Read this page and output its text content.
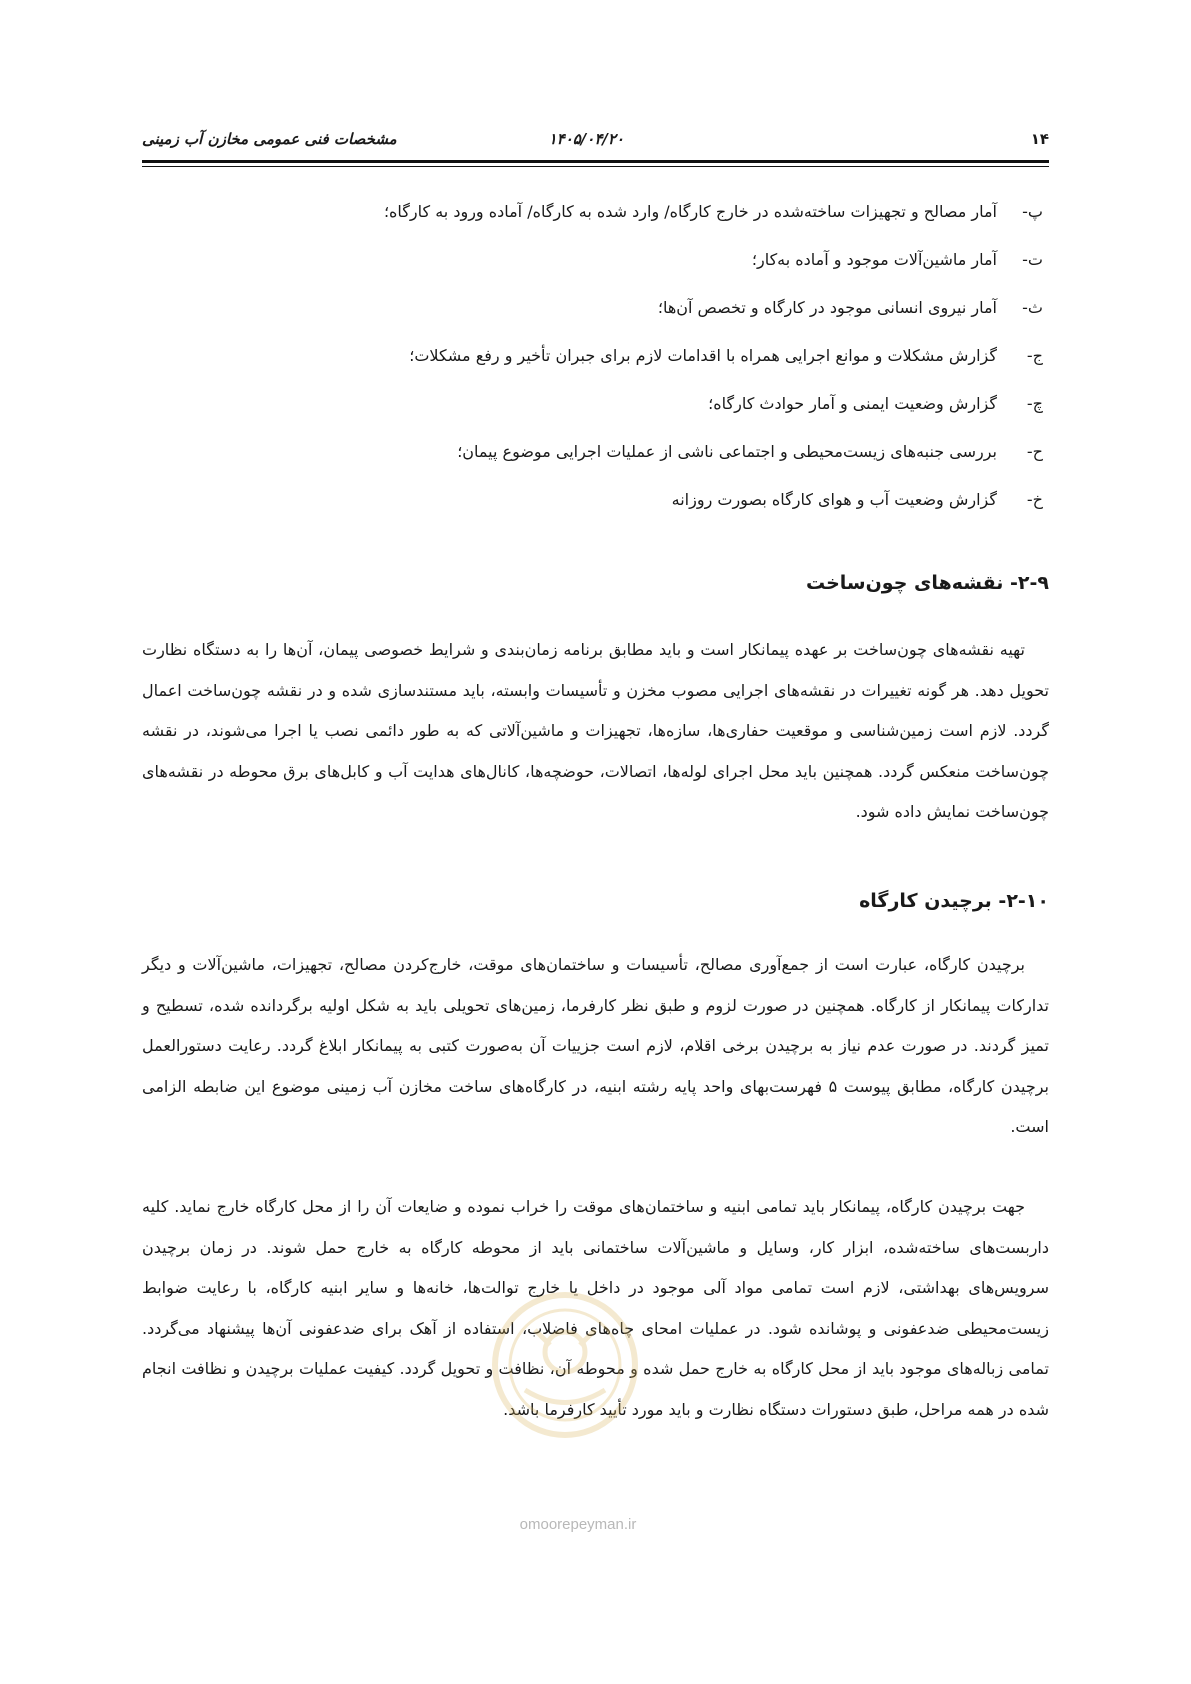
۱۴
۱۴۰۵/۰۴/۲۰
مشخصات فنی عمومی مخازن آب زمینی
پ-آمار مصالح و تجهیزات ساخته‌شده در خارج کارگاه/ وارد شده به کارگاه/ آماده ورود به کارگاه؛
ت-آمار ماشین‌آلات موجود و آماده به‌کار؛
ث-آمار نیروی انسانی موجود در کارگاه و تخصص آن‌ها؛
ج-گزارش مشکلات و موانع اجرایی همراه با اقدامات لازم برای جبران تأخیر و رفع مشکلات؛
چ-گزارش وضعیت ایمنی و آمار حوادث کارگاه؛
ح-بررسی جنبه‌های زیست‌محیطی و اجتماعی ناشی از عملیات اجرایی موضوع پیمان؛
خ-گزارش وضعیت آب و هوای کارگاه بصورت روزانه
۲-۹- نقشه‌های چون‌ساخت

تهیه نقشه‌های چون‌ساخت بر عهده پیمانکار است و باید مطابق برنامه زمان‌بندی و شرایط خصوصی پیمان، آن‌ها را به دستگاه نظارت تحویل دهد. هر گونه تغییرات در نقشه‌های اجرایی مصوب مخزن و تأسیسات وابسته، باید مستندسازی شده و در نقشه چون‌ساخت اعمال گردد. لازم است زمین‌شناسی و موقعیت حفاری‌ها، سازه‌ها، تجهیزات و ماشین‌آلاتی که به طور دائمی نصب یا اجرا می‌شوند، در نقشه چون‌ساخت منعکس گردد. همچنین باید محل اجرای لوله‌ها، اتصالات، حوضچه‌ها، کانال‌های هدایت آب و کابل‌های برق محوطه در نقشه‌های چون‌ساخت نمایش داده شود.

۲-۱۰- برچیدن کارگاه

برچیدن کارگاه، عبارت است از جمع‌آوری مصالح، تأسیسات و ساختمان‌های موقت، خارج‌کردن مصالح، تجهیزات، ماشین‌آلات و دیگر تدارکات پیمانکار از کارگاه. همچنین در صورت لزوم و طبق نظر کارفرما، زمین‌های تحویلی باید به شکل اولیه برگردانده شده، تسطیح و تمیز گردند. در صورت عدم نیاز به برچیدن برخی اقلام، لازم است جزییات آن به‌صورت کتبی به پیمانکار ابلاغ گردد. رعایت دستورالعمل برچیدن کارگاه، مطابق پیوست ۵ فهرست‌بهای واحد پایه رشته ابنیه، در کارگاه‌های ساخت مخازن آب زمینی موضوع این ضابطه الزامی است.

جهت برچیدن کارگاه، پیمانکار باید تمامی ابنیه و ساختمان‌های موقت را خراب نموده و ضایعات آن را از محل کارگاه خارج نماید. کلیه داربست‌های ساخته‌شده، ابزار کار، وسایل و ماشین‌آلات ساختمانی باید از محوطه کارگاه به خارج حمل شوند. در زمان برچیدن سرویس‌های بهداشتی، لازم است تمامی مواد آلی موجود در داخل یا خارج توالت‌ها، خانه‌ها و سایر ابنیه کارگاه، با رعایت ضوابط زیست‌محیطی ضدعفونی و پوشانده شود. در عملیات امحای چاه‌های فاضلاب، استفاده از آهک برای ضدعفونی آن‌ها پیشنهاد می‌گردد. تمامی زباله‌های موجود باید از محل کارگاه به خارج حمل شده و محوطه آن، نظافت و تحویل گردد. کیفیت عملیات برچیدن و نظافت انجام شده در همه مراحل، طبق دستورات دستگاه نظارت و باید مورد تأیید کارفرما باشد.

omoorepeyman.ir
